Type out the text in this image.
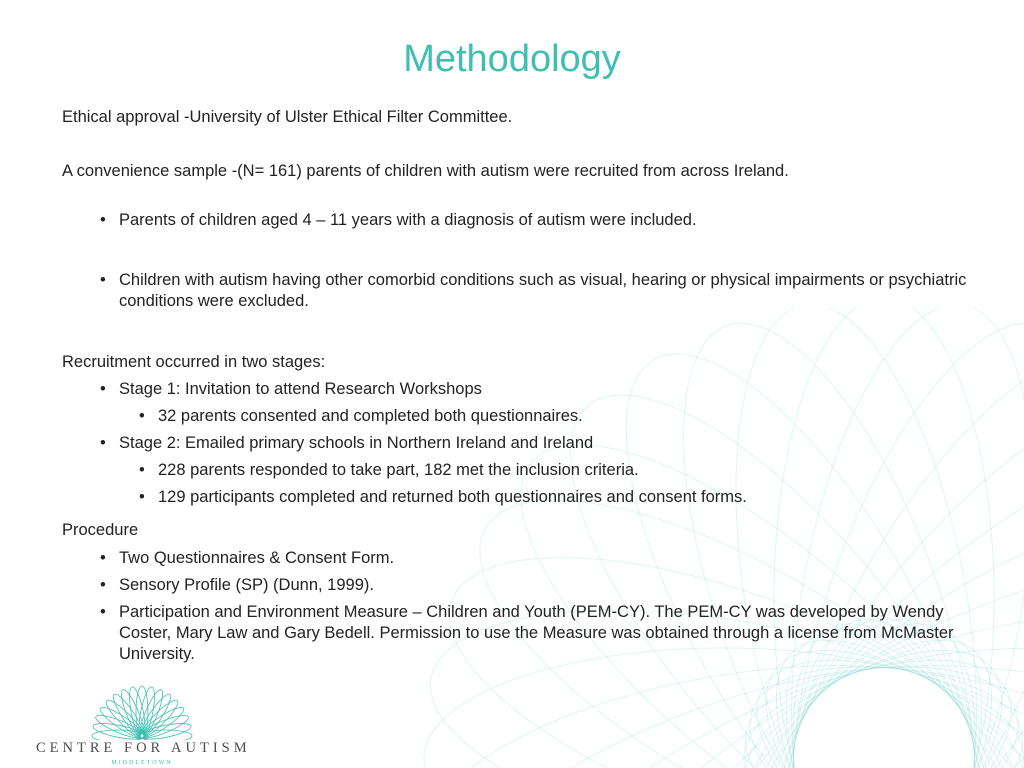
Methodology
Ethical approval -University of Ulster Ethical Filter Committee.
A convenience sample -(N= 161) parents of children with autism were recruited from across Ireland.
• Parents of children aged 4 – 11 years with a diagnosis of autism were included.
• Children with autism having other comorbid conditions such as visual, hearing or physical impairments or psychiatric conditions were excluded.
Recruitment occurred in two stages:
• Stage 1: Invitation to attend Research Workshops
• 32 parents consented and completed both questionnaires.
• Stage 2: Emailed primary schools in Northern Ireland and Ireland
• 228 parents responded to take part, 182 met the inclusion criteria.
• 129 participants completed and returned both questionnaires and consent forms.
Procedure
• Two Questionnaires & Consent Form.
• Sensory Profile (SP) (Dunn, 1999).
• Participation and Environment Measure – Children and Youth (PEM-CY). The PEM-CY was developed by Wendy Coster, Mary Law and Gary Bedell. Permission to use the Measure was obtained through a license from McMaster University.
CENTRE FOR AUTISM
MIDDLETOWN
